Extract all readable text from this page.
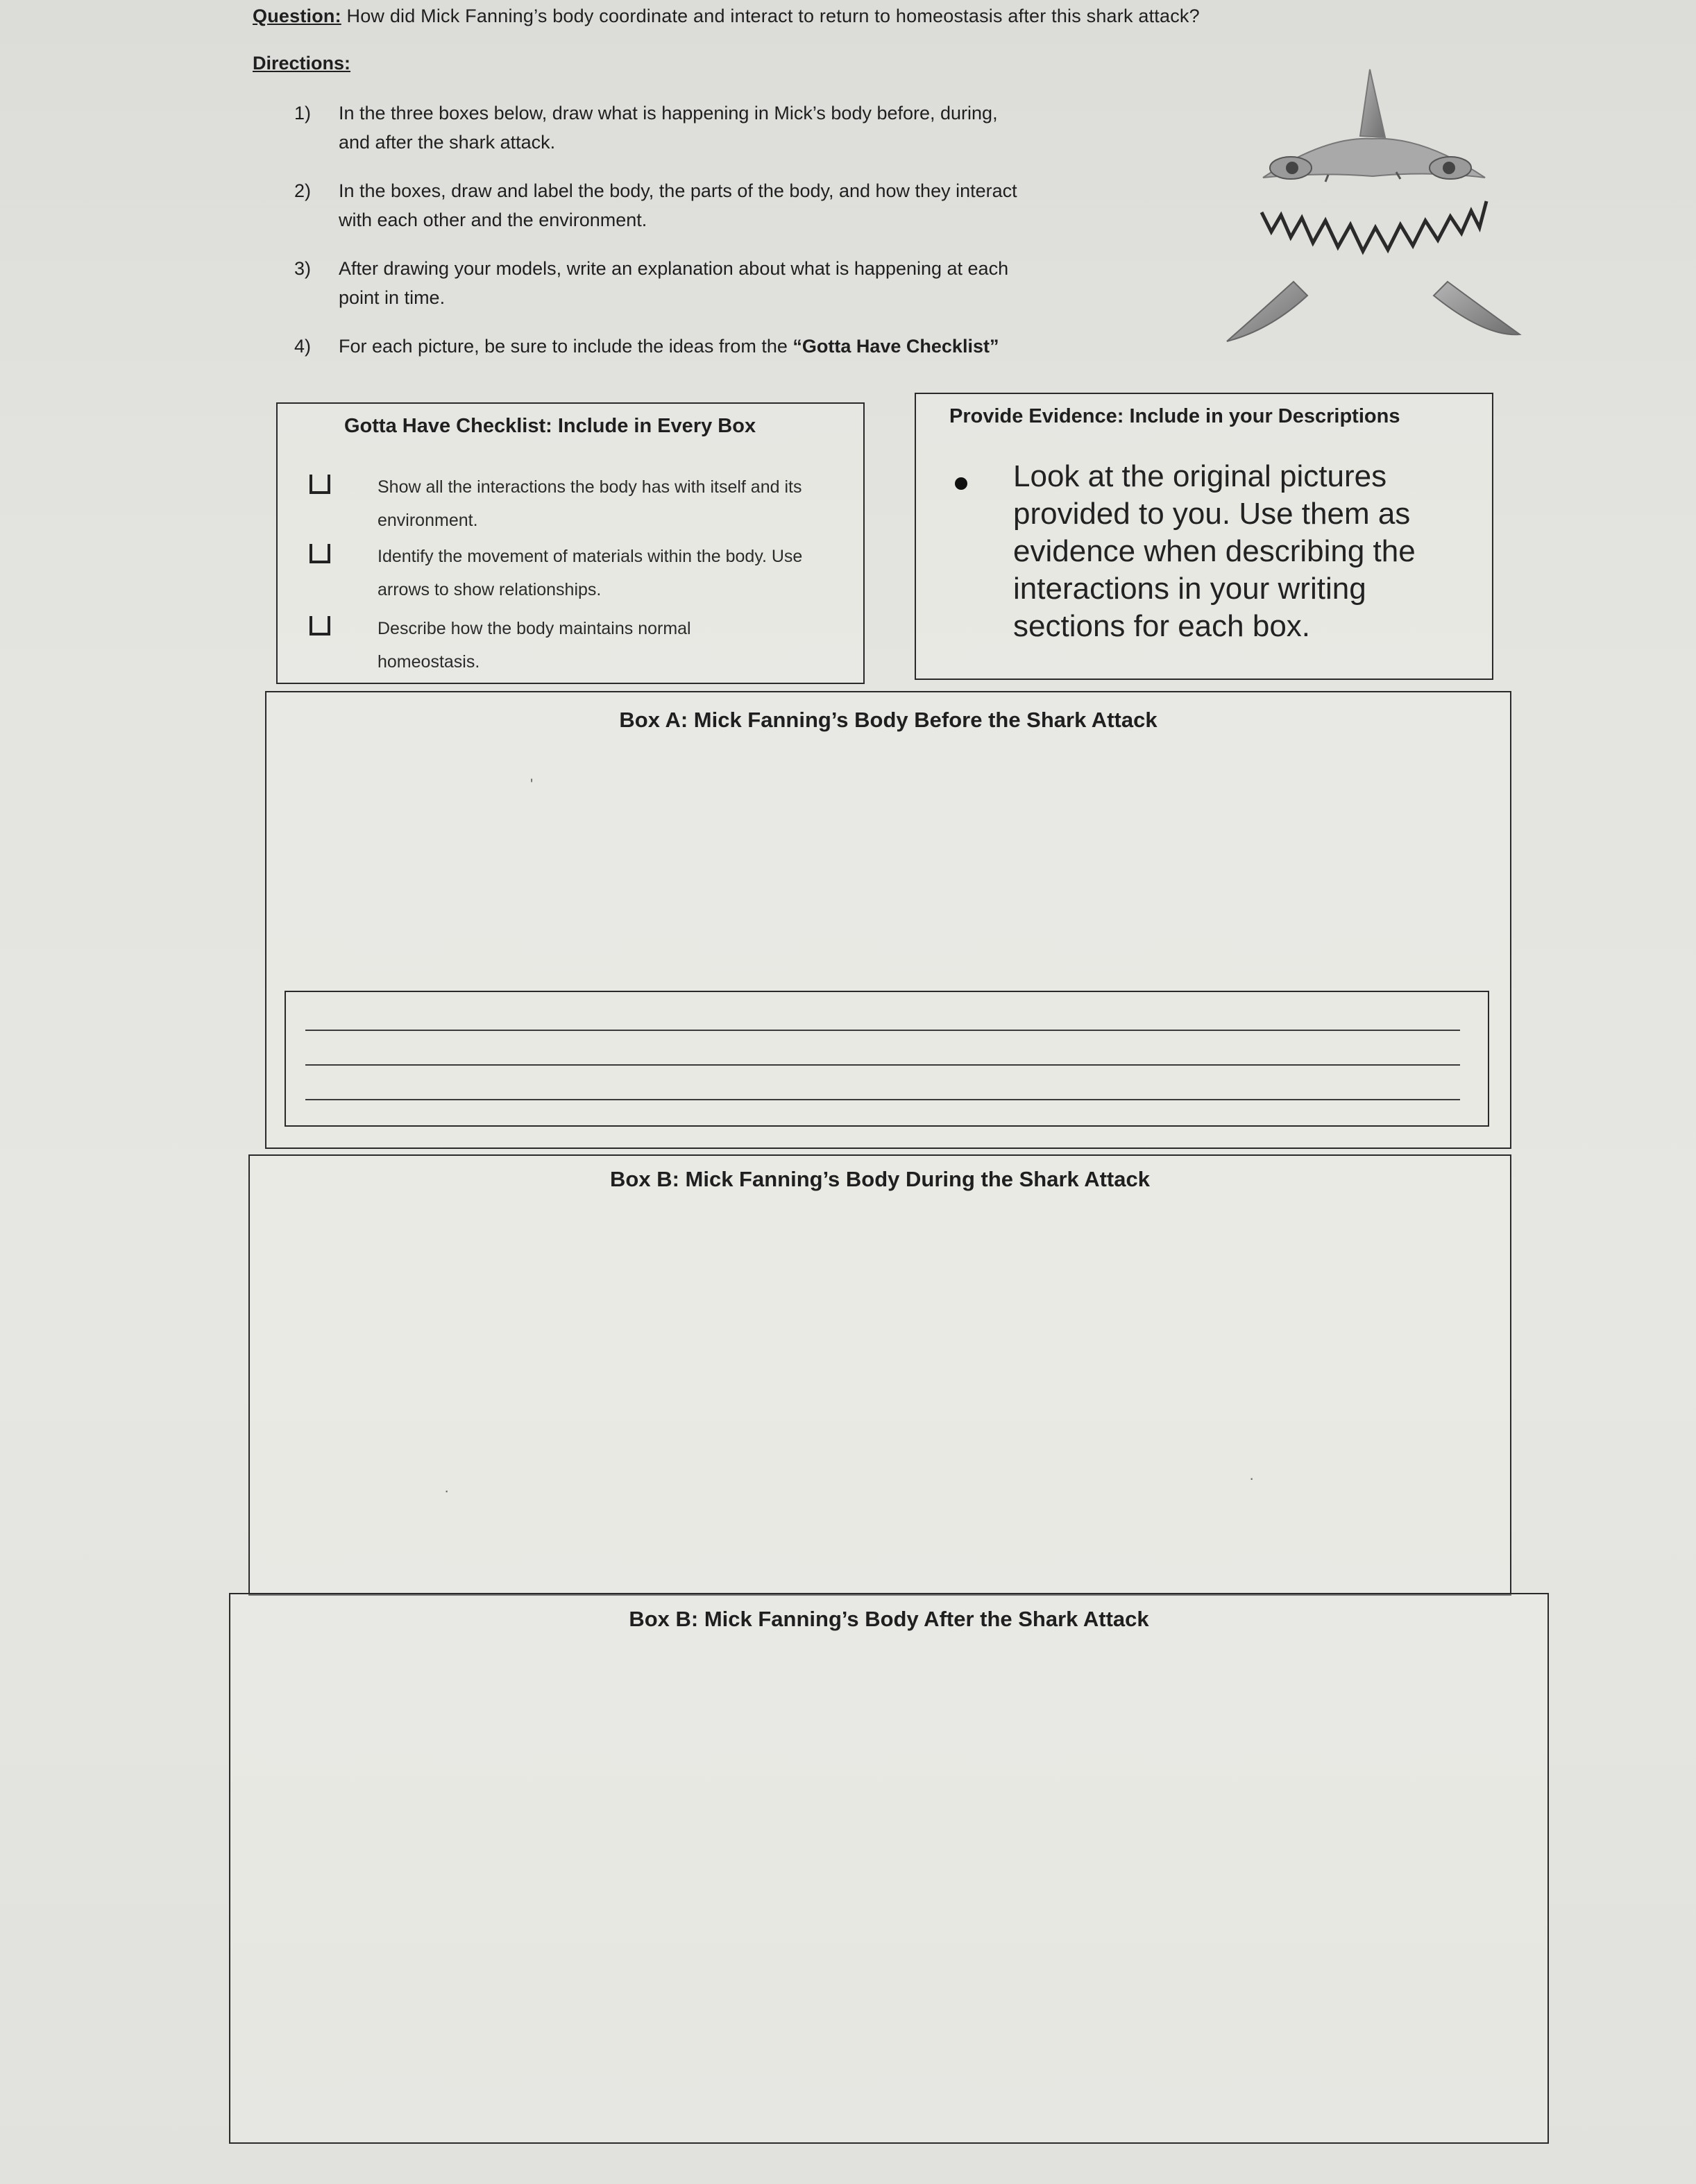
Question: How did Mick Fanning’s body coordinate and interact to return to homeostasis after this shark attack?
Directions:
1)	In the three boxes below, draw what is happening in Mick’s body before, during, and after the shark attack.
2)	In the boxes, draw and label the body, the parts of the body, and how they interact with each other and the environment.
3)	After drawing your models, write an explanation about what is happening at each point in time.
4)	For each picture, be sure to include the ideas from the “Gotta Have Checklist”
Gotta Have Checklist: Include in Every Box
Show all the interactions the body has with itself and its environment.
Identify the movement of materials within the body. Use arrows to show relationships.
Describe how the body maintains normal homeostasis.
Provide Evidence: Include in your Descriptions
Look at the original pictures provided to you. Use them as evidence when describing the interactions in your writing sections for each box.
Box A: Mick Fanning’s Body Before the Shark Attack
'
Box B: Mick Fanning’s Body During the Shark Attack
·
·
Box B: Mick Fanning’s Body After the Shark Attack
